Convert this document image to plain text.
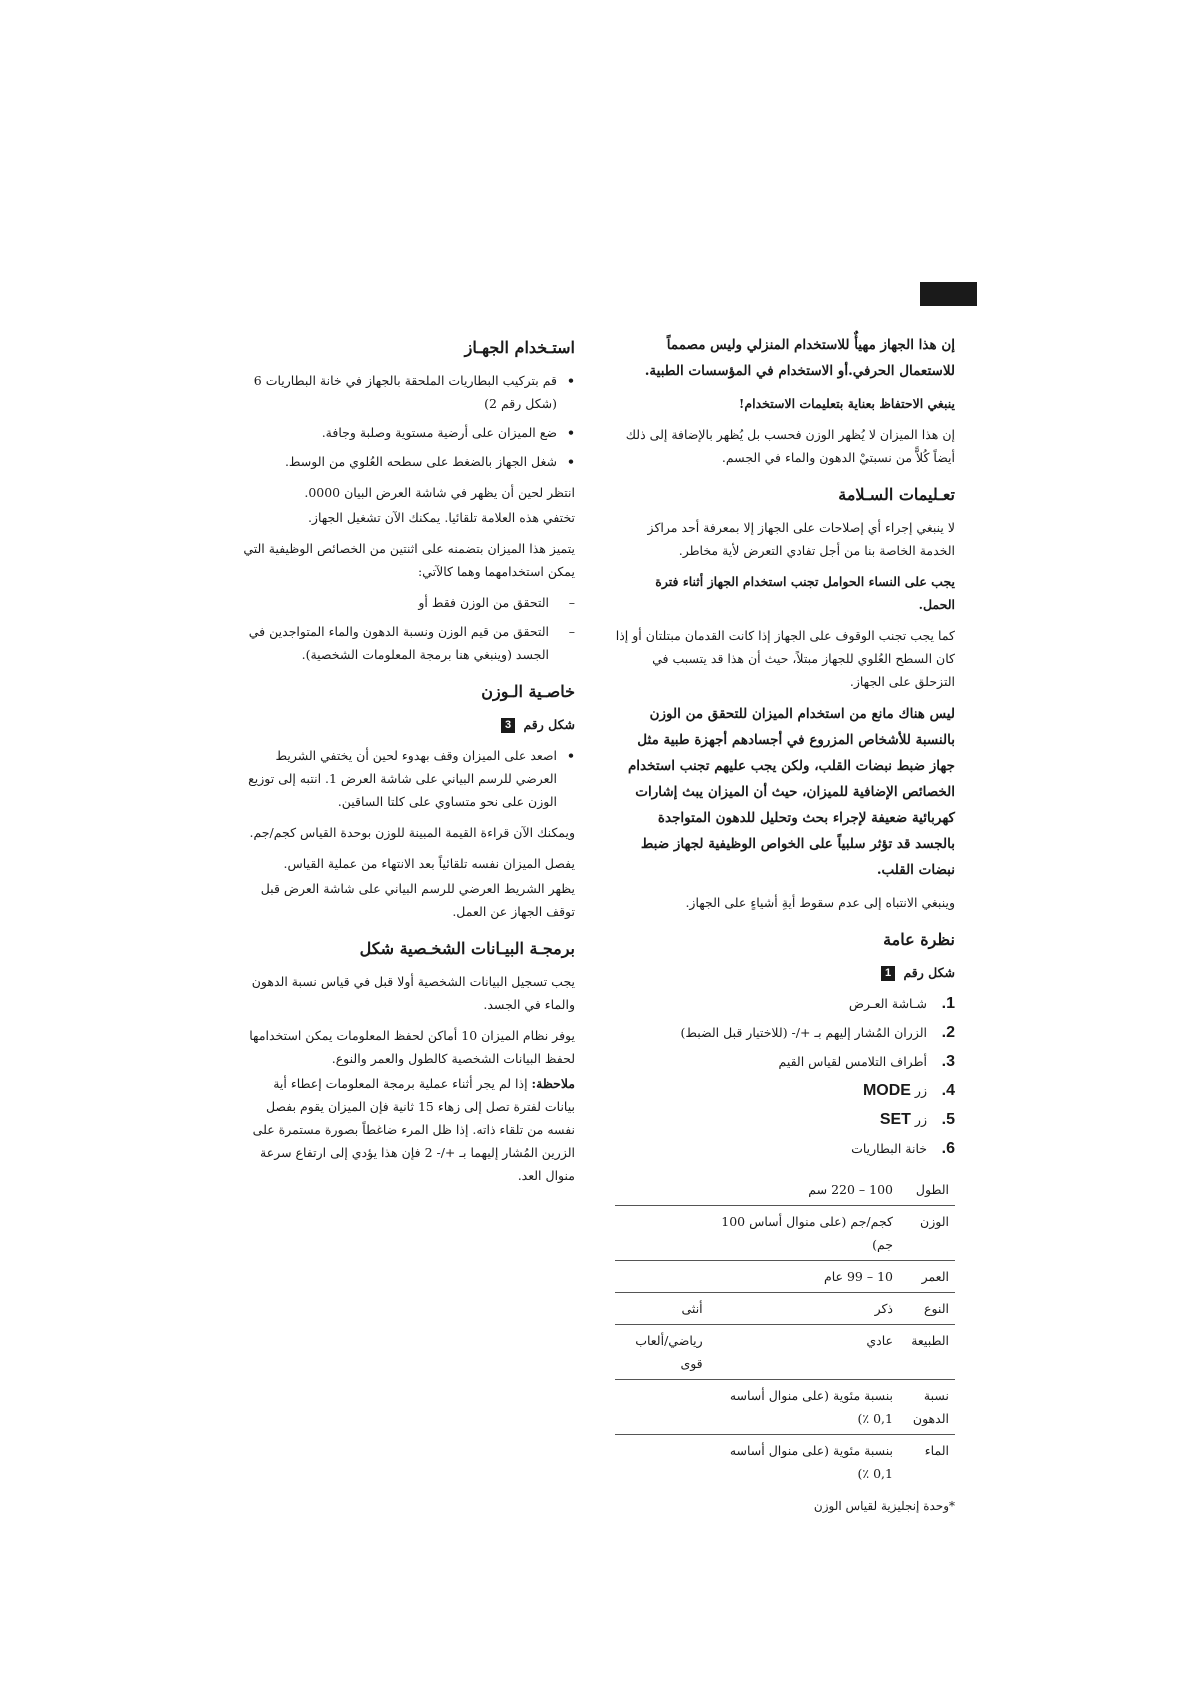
إن هذا الجهاز مهيأٌ للاستخدام المنزلي وليس مصمماً للاستعمال الحرفي.أو الاستخدام في المؤسسات الطبية.

ينبغي الاحتفاظ بعناية بتعليمات الاستخدام!

إن هذا الميزان لا يُظهر الوزن فحسب بل يُظهر بالإضافة إلى ذلك أيضاً كُلاًّ من نسبتيْ الدهون والماء في الجسم.

تعـليمات السـلامة

لا ينبغي إجراء أي إصلاحات على الجهاز إلا بمعرفة أحد مراكز الخدمة الخاصة بنا من أجل تفادي التعرض لأية مخاطر.

يجب على النساء الحوامل تجنب استخدام الجهاز أثناء فترة الحمل.

كما يجب تجنب الوقوف على الجهاز إذا كانت القدمان مبتلتان أو إذا كان السطح العُلوي للجهاز مبتلاً، حيث أن هذا قد يتسبب في التزحلق على الجهاز.

ليس هناك مانع من استخدام الميزان للتحقق من الوزن بالنسبة للأشخاص المزروع في أجسادهم أجهزة طبية مثل جهاز ضبط نبضات القلب، ولكن يجب عليهم تجنب استخدام الخصائص الإضافية للميزان، حيث أن الميزان يبث إشارات كهربائية ضعيفة لإجراء بحث وتحليل للدهون المتواجدة بالجسد قد تؤثر سلبياً على الخواص الوظيفية لجهاز ضبط نبضات القلب.

وينبغي الانتباه إلى عدم سقوط أيةِ أشياءٍ على الجهاز.

نظرة عامة
شكل رقم 1
1.شـاشة العـرض
2.الزران المُشار إليهم بـ +/- (للاختيار قبل الضبط)
3.أطراف التلامس لقياس القيم
4.زر MODE
5.زر SET
6.خانة البطاريات
الطول	100 – 220 سم	
الوزن	كجم/جم (على منوال أساس 100 جم)	
العمر	10 – 99 عام	
النوع	ذكر	أنثى
الطبيعة	عادي	رياضي/ألعاب قوى
نسبة الدهون	بنسبة مئوية (على منوال أساسه 0,1 ٪)	
الماء	بنسبة مئوية (على منوال أساسه 0,1 ٪)	
*وحدة إنجليزية لقياس الوزن
استـخدام الجهـاز
• قم بتركيب البطاريات الملحقة بالجهاز في خانة البطاريات 6 (شكل رقم 2)
• ضع الميزان على أرضية مستوية وصلبة وجافة.
• شغل الجهاز بالضغط على سطحه العُلوي من الوسط.

انتظر لحين أن يظهر في شاشة العرض البيان 0000.

تختفي هذه العلامة تلقائيا. يمكنك الآن تشغيل الجهاز.

يتميز هذا الميزان بتضمنه على اثنتين من الخصائص الوظيفية التي يمكن استخدامهما وهما كالآتي:

– التحقق من الوزن فقط أو
– التحقق من قيم الوزن ونسبة الدهون والماء المتواجدين في الجسد (وينبغي هنا برمجة المعلومات الشخصية).
خاصـية الـوزن
شكل رقم 3
• اصعد على الميزان وقف بهدوء لحين أن يختفي الشريط العرضي للرسم البياني على شاشة العرض 1. انتبه إلى توزيع الوزن على نحو متساوي على كلتا الساقين.

ويمكنك الآن قراءة القيمة المبينة للوزن بوحدة القياس كجم/جم.

يفصل الميزان نفسه تلقائياً بعد الانتهاء من عملية القياس.

يظهر الشريط العرضي للرسم البياني على شاشة العرض قبل توقف الجهاز عن العمل.

برمجـة البيـانات الشخـصية شكل

يجب تسجيل البيانات الشخصية أولا قبل في قياس نسبة الدهون والماء في الجسد.

يوفر نظام الميزان 10 أماكن لحفظ المعلومات يمكن استخدامها لحفظ البيانات الشخصية كالطول والعمر والنوع.

ملاحظة: إذا لم يجر أثناء عملية برمجة المعلومات إعطاء أية بيانات لفترة تصل إلى زهاء 15 ثانية فإن الميزان يقوم بفصل نفسه من تلقاء ذاته. إذا ظل المرء ضاغطاً بصورة مستمرة على الزرين المُشار إليهما بـ +/- 2 فإن هذا يؤدي إلى ارتفاع سرعة منوال العد.
